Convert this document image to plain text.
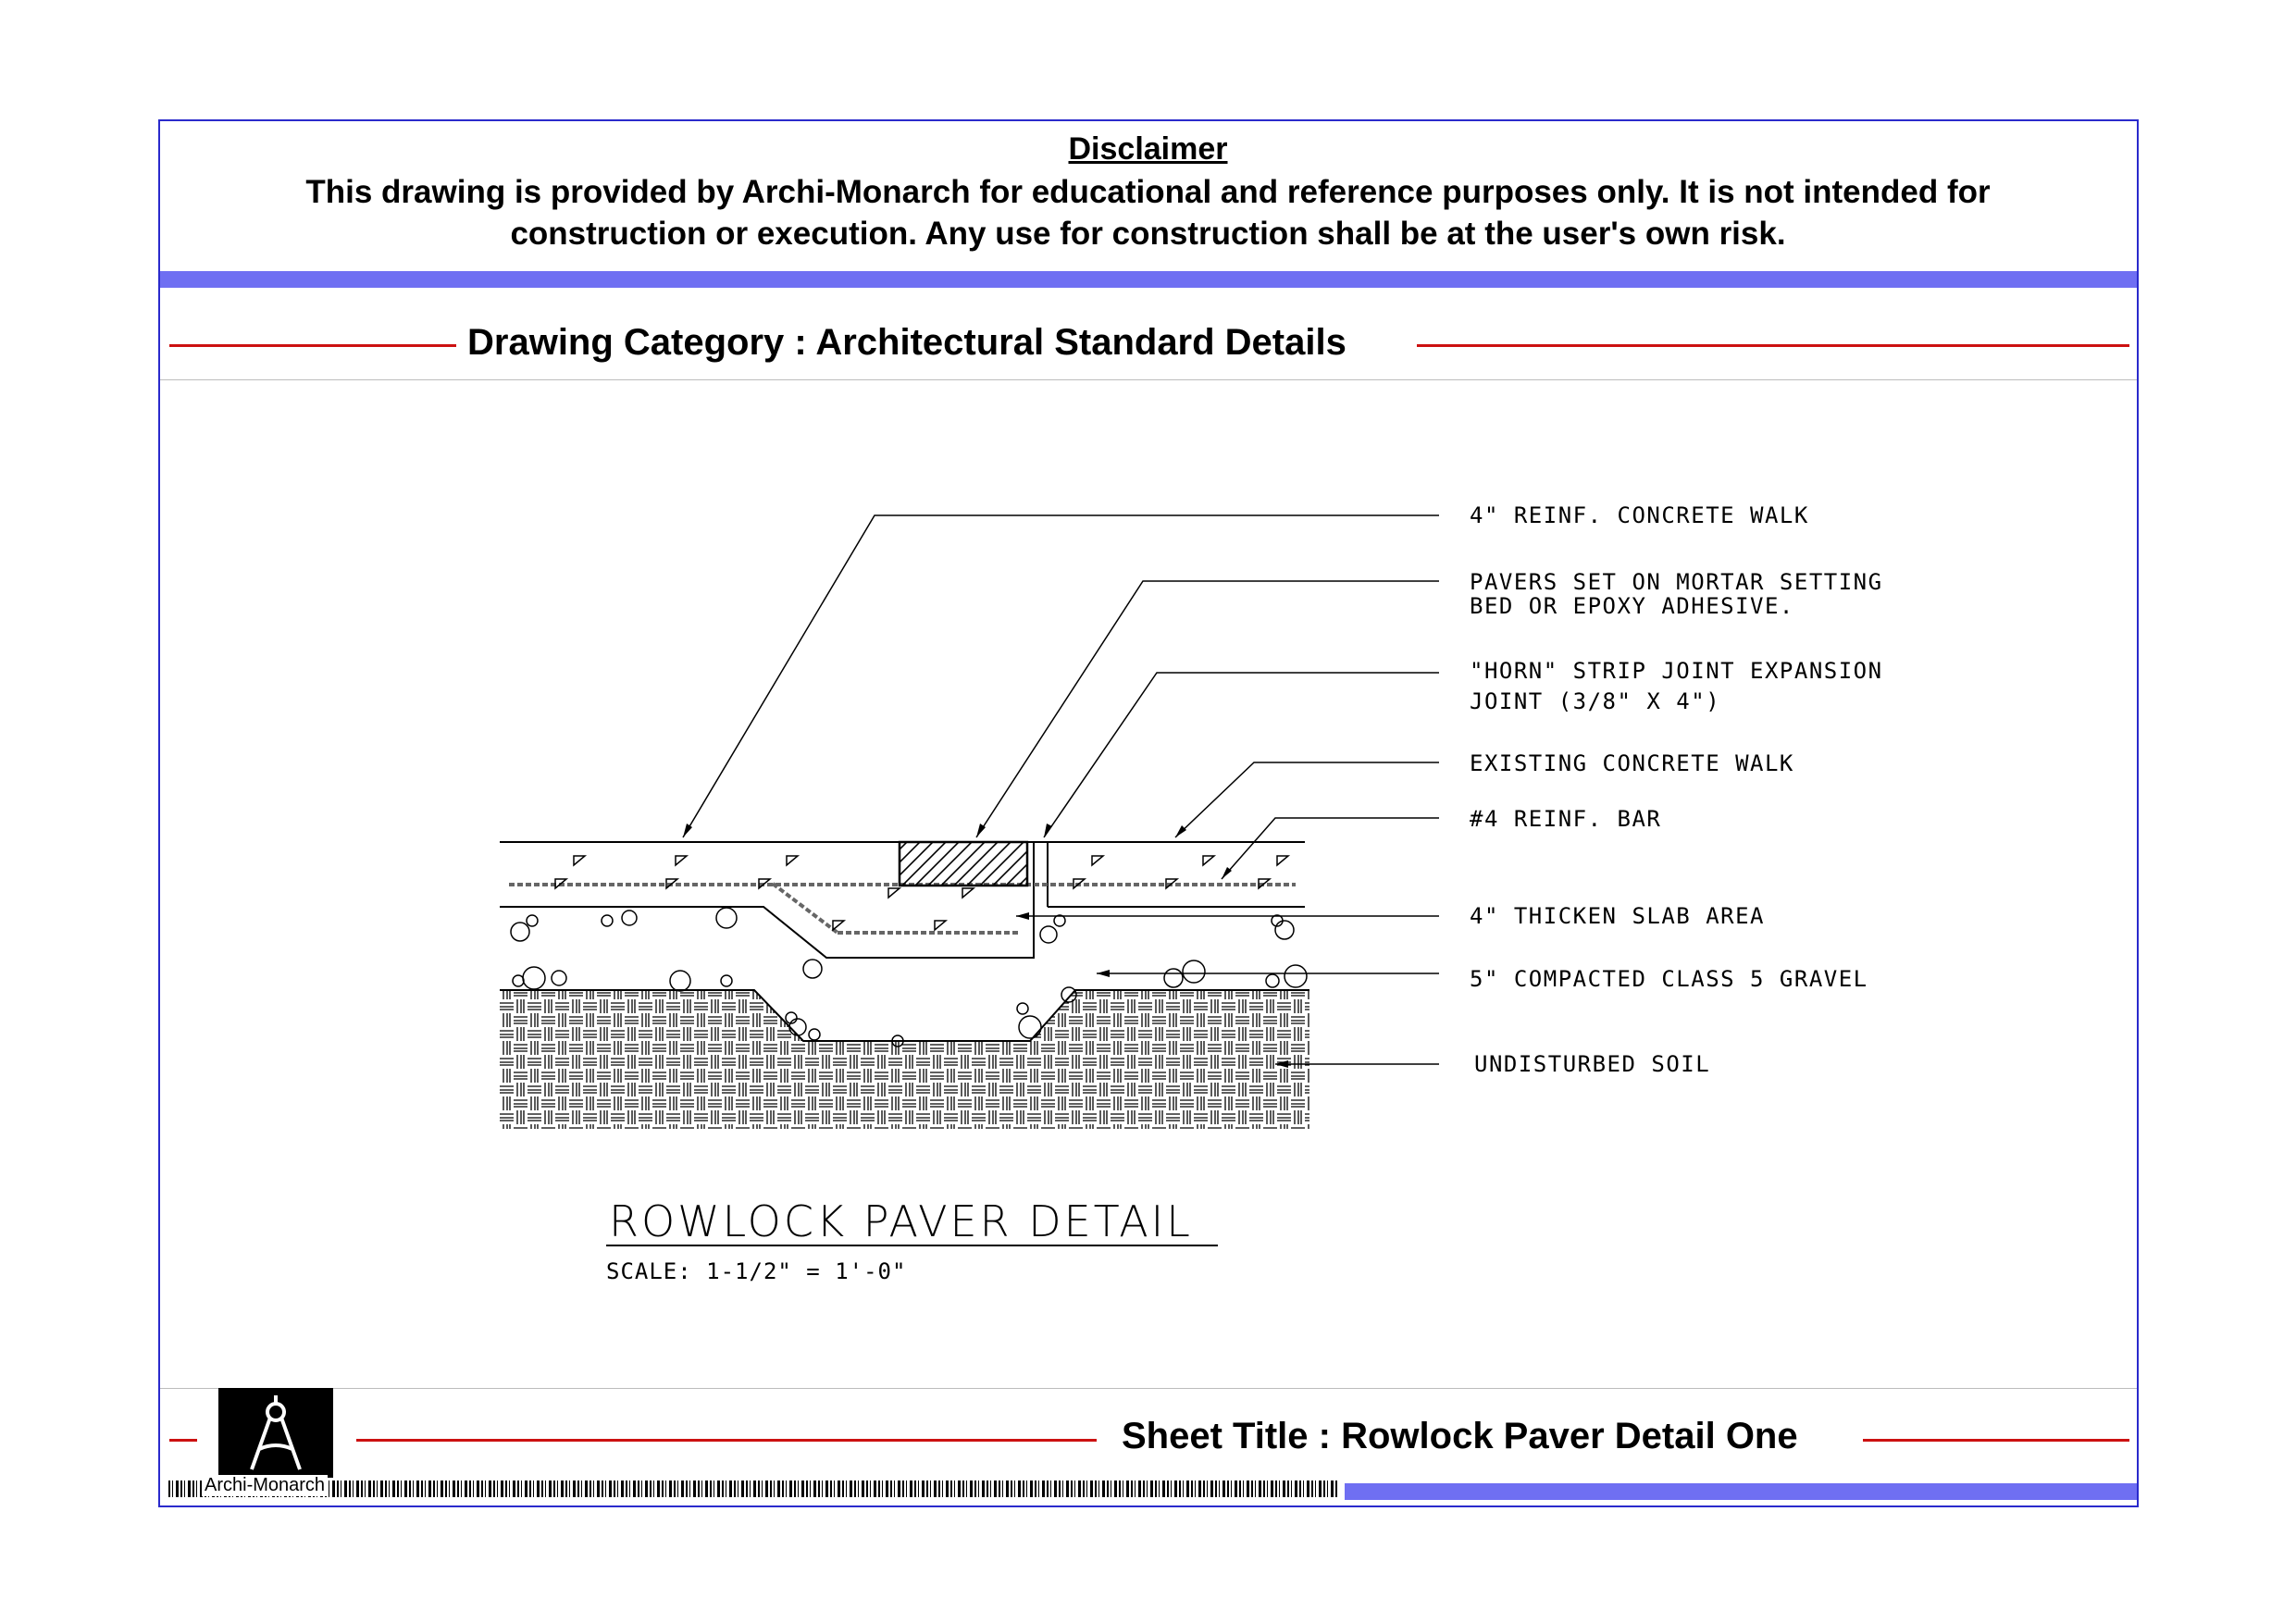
Disclaimer
This drawing is provided by Archi-Monarch for educational and reference purposes only. It is not intended for
construction or execution. Any use for construction shall be at the user's own risk.
Drawing Category : Architectural Standard Details
4" REINF. CONCRETE WALK
PAVERS SET ON MORTAR SETTING
BED OR EPOXY ADHESIVE.
"HORN" STRIP JOINT EXPANSION
JOINT (3/8" X 4")
EXISTING CONCRETE WALK
#4 REINF. BAR
4" THICKEN SLAB AREA
5" COMPACTED CLASS 5 GRAVEL
UNDISTURBED SOIL
ROWLOCK PAVER DETAIL
SCALE: 1-1/2" = 1'-0"
Sheet Title : Rowlock Paver Detail One
Archi-Monarch
